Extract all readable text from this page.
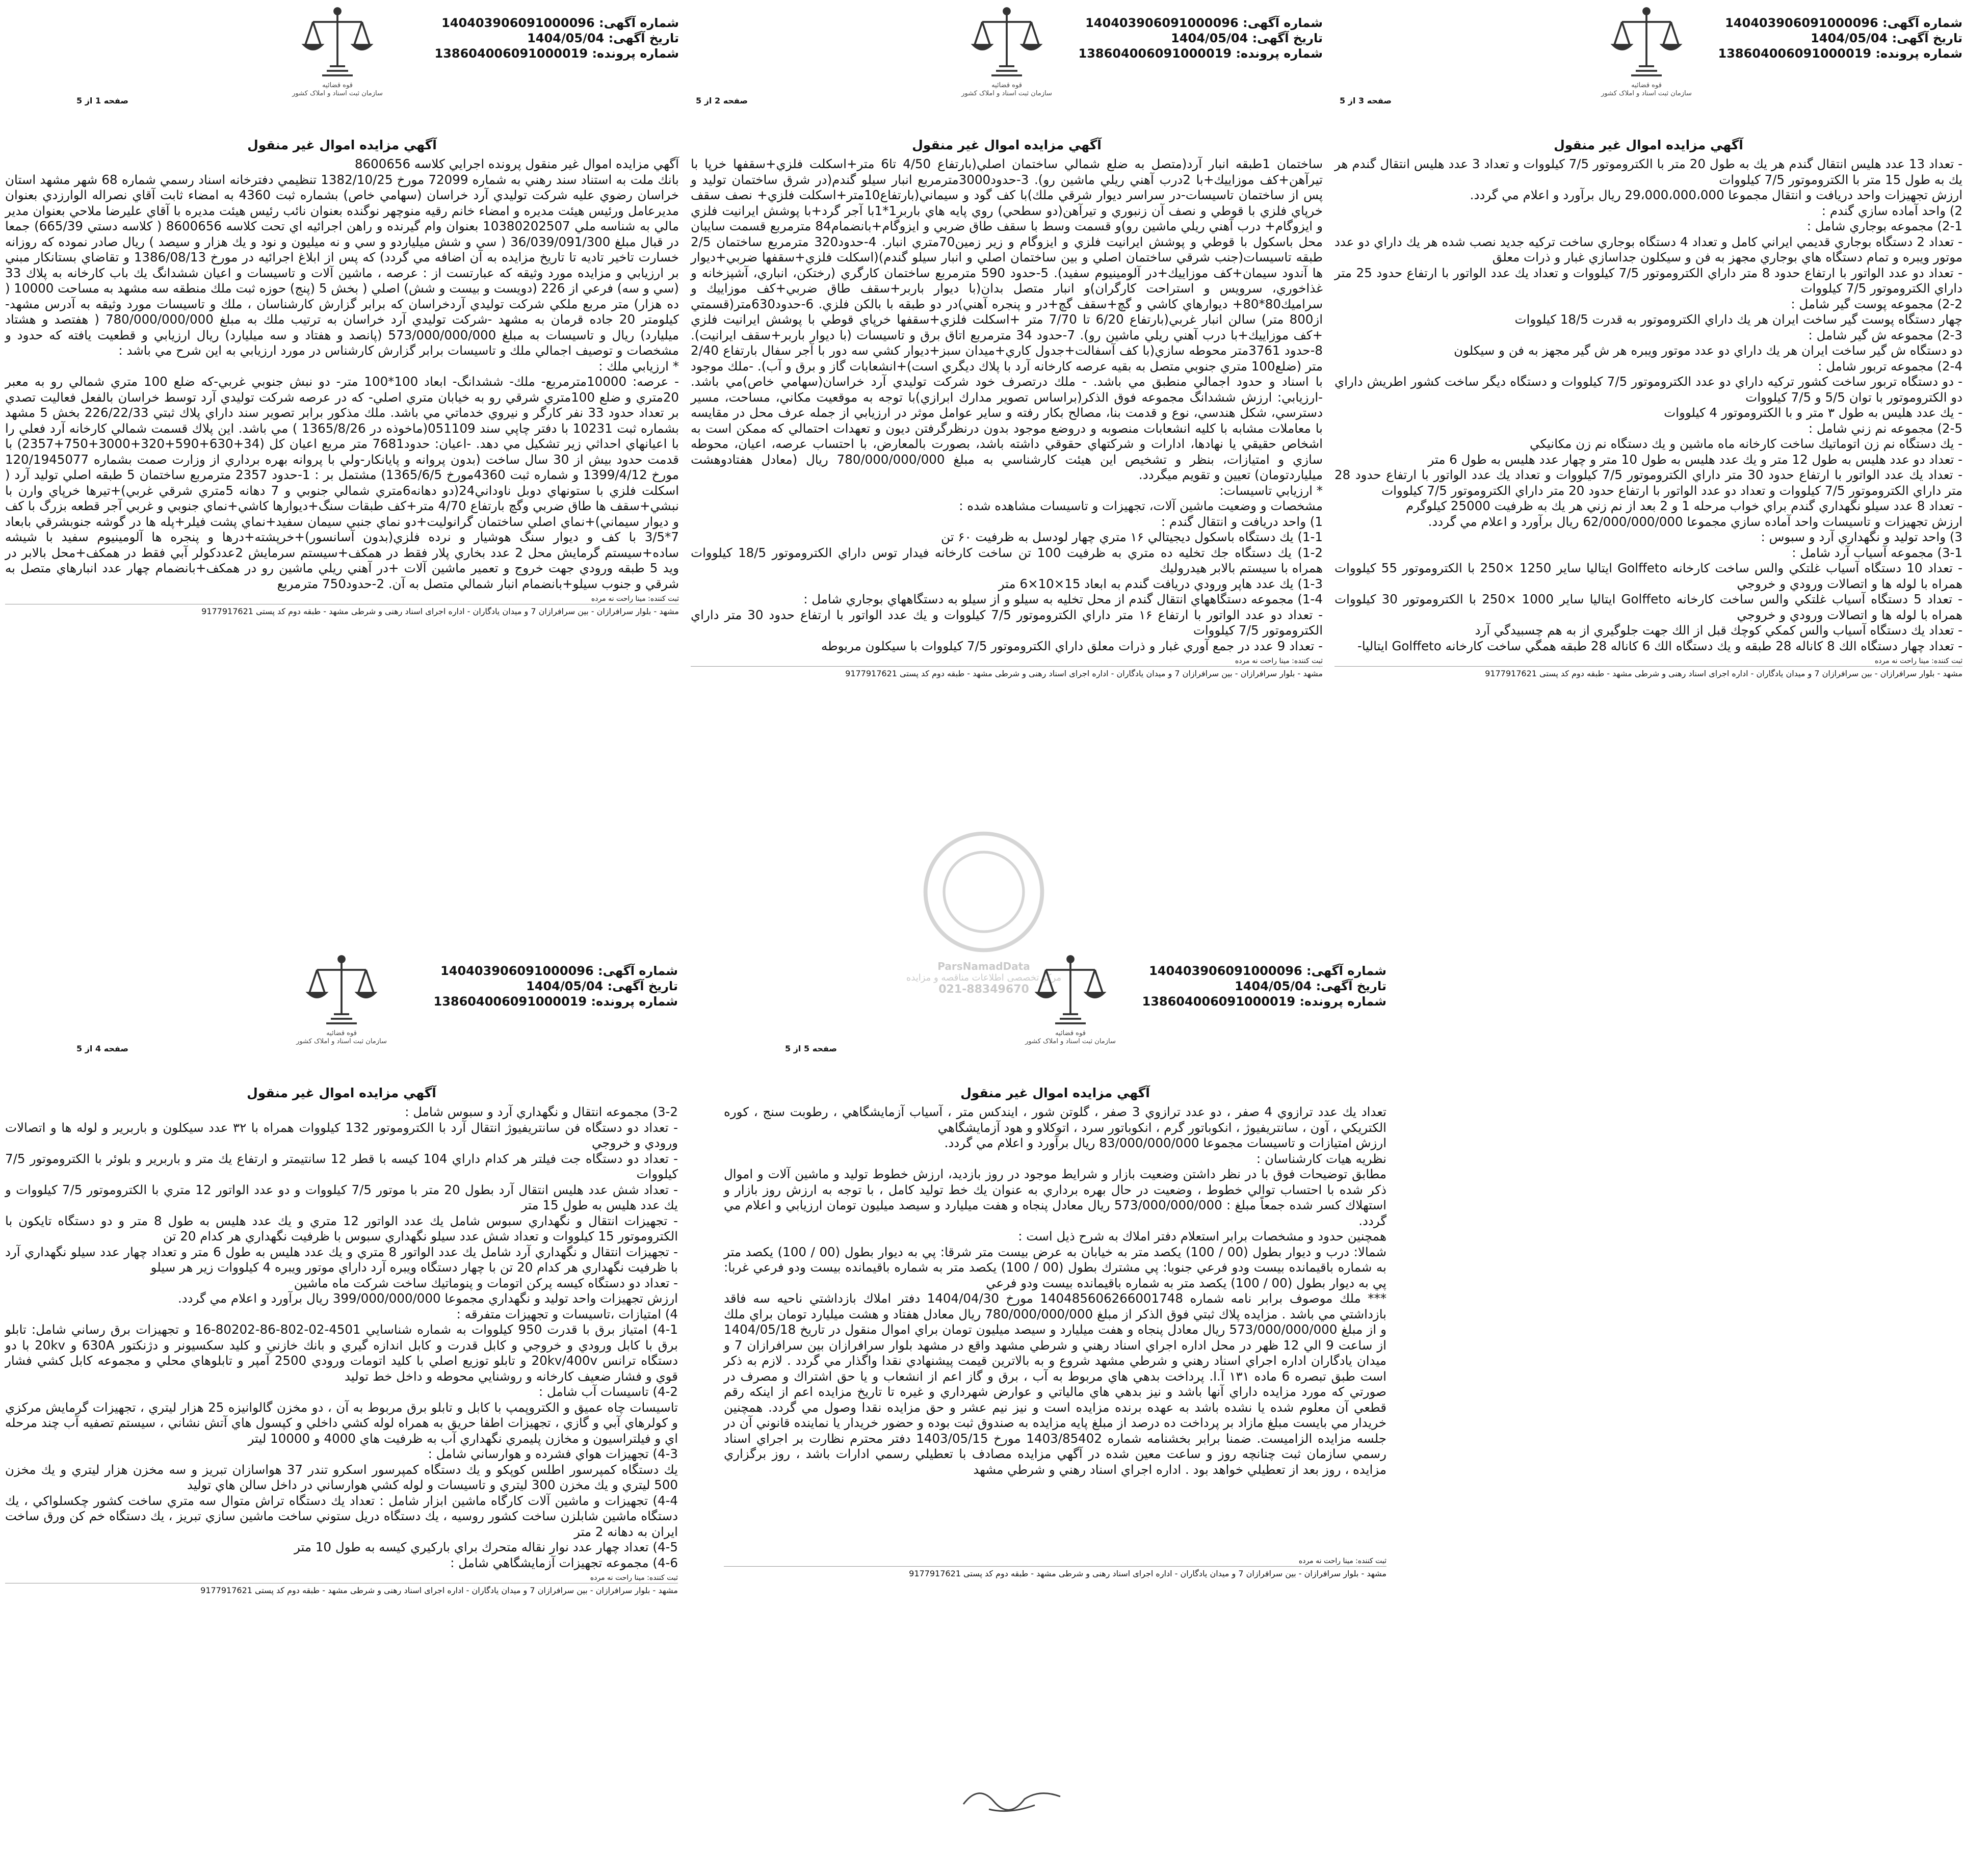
شماره آگهی: 140403906091000096
تاریخ آگهی: 1404/05/04
شماره پرونده: 138604006091000019
قوه قضائیه
سازمان ثبت اسناد و املاک کشور
صفحه 3 از 5
آگهي مزايده اموال غير منقول

- تعداد 13 عدد هليس انتقال گندم هر يك به طول 20 متر با الكتروموتور 7/5 كيلووات و تعداد 3 عدد هليس انتقال گندم هر يك به طول 15 متر با الكتروموتور 7/5 كيلووات

ارزش تجهيزات واحد دريافت و انتقال مجموعا 29،000،000،000 ريال برآورد و اعلام مي گردد.

2) واحد آماده سازي گندم :

2-1) مجموعه بوجاري شامل :

- تعداد 2 دستگاه بوجاري قديمي ايراني كامل و تعداد 4 دستگاه بوجاري ساخت تركيه جديد نصب شده هر يك داراي دو عدد موتور ويبره و تمام دستگاه هاي بوجاري مجهز به فن و سيكلون جداسازي غبار و ذرات معلق

- تعداد دو عدد الواتور با ارتفاع حدود 8 متر داراي الكتروموتور 7/5 كيلووات و تعداد يك عدد الواتور با ارتفاع حدود 25 متر داراي الكتروموتور 7/5 كيلووات

2-2) مجموعه پوست گير شامل :

چهار دستگاه پوست گير ساخت ايران هر يك داراي الكتروموتور به قدرت 18/5 كيلووات

2-3) مجموعه ش گير شامل :

دو دستگاه ش گير ساخت ايران هر يك داراي دو عدد موتور ويبره هر ش گير مجهز به فن و سيكلون

2-4) مجموعه تربور شامل :

- دو دستگاه تربور ساخت كشور تركيه داراي دو عدد الكتروموتور 7/5 كيلووات و دستگاه ديگر ساخت كشور اطريش داراي دو الكتروموتور با توان 5/5 و 7/5 كيلووات

- يك عدد هليس به طول ۳ متر و با الكتروموتور 4 كيلووات

2-5) مجموعه نم زني شامل :

- يك دستگاه نم زن اتوماتيك ساخت كارخانه ماه ماشين و يك دستگاه نم زن مكانيكي

- تعداد دو عدد هليس به طول 12 متر و يك عدد هليس به طول 10 متر و چهار عدد هليس به طول 6 متر

- تعداد يك عدد الواتور با ارتفاع حدود 30 متر داراي الكتروموتور 7/5 كيلووات و تعداد يك عدد الواتور با ارتفاع حدود 28 متر داراي الكتروموتور 7/5 كيلووات و تعداد دو عدد الواتور با ارتفاع حدود 20 متر داراي الكتروموتور 7/5 كيلووات

- تعداد 8 عدد سيلو نگهداري گندم براي خواب مرحله 1 و 2 بعد از نم زني هر يك به ظرفيت 25000 كيلوگرم

ارزش تجهيزات و تاسيسات واحد آماده سازي مجموعا 62/000/000/000 ريال برآورد و اعلام مي گردد.

3) واحد توليد و نگهداري آرد و سبوس :

3-1) مجموعه آسياب آرد شامل :

- تعداد 10 دستگاه آسياب غلتكي والس ساخت كارخانه Golffeto ايتاليا ساير 1250 ×250 با الكتروموتور 55 كيلووات همراه با لوله ها و اتصالات ورودي و خروجي

- تعداد 5 دستگاه آسياب غلتكي والس ساخت كارخانه Golffeto ايتاليا ساير 1000 ×250 با الكتروموتور 30 كيلووات همراه با لوله ها و اتصالات ورودي و خروجي

- تعداد يك دستگاه آسياب والس كمكي كوچك قبل از الك جهت جلوگيري از به هم چسبيدگي آرد

- تعداد چهار دستگاه الك 8 كاناله 28 طبقه و يك دستگاه الك 6 كاناله 28 طبقه همگي ساخت كارخانه Golffeto ايتاليا-

ثبت کننده: مینا راحت نه مرده
مشهد - بلوار سرافرازان - بین سرافرازان 7 و میدان یادگاران - اداره اجرای اسناد رهنی و شرطی مشهد - طبقه دوم کد پستی 9177917621
شماره آگهی: 140403906091000096
تاریخ آگهی: 1404/05/04
شماره پرونده: 138604006091000019
قوه قضائیه
سازمان ثبت اسناد و املاک کشور
صفحه 2 از 5
آگهي مزايده اموال غير منقول

ساختمان 1طبقه انبار آرد(متصل به ضلع شمالي ساختمان اصلي(بارتفاع 4/50 تا6 متر+اسكلت فلزي+سقفها خرپا با تيرآهن+كف موزاييك+با 2درب آهني ريلي ماشين رو). 3-حدود3000مترمربع انبار سيلو گندم(در شرق ساختمان توليد و پس از ساختمان تاسيسات-در سراسر ديوار شرقي ملك)با كف گود و سيماني(بارتفاع10متر+اسكلت فلزي+ نصف سقف خرپاي فلزي با قوطي و نصف آن زنبوري و تيرآهن(دو سطحي) روي پايه هاي باربر1*1با آجر گرد+با پوشش ايرانيت فلزي و ايزوگام+ درب آهني ريلي ماشين رو)و قسمت وسط با سقف طاق ضربي و ايزوگام+بانضمام84 مترمربع قسمت سايبان محل باسكول با قوطي و پوشش ايرانيت فلزي و ايزوگام و زير زمين70متري انبار. 4-حدود320 مترمربع ساختمان 2/5 طبقه تاسيسات(جنب شرقي ساختمان اصلي و بين ساختمان اصلي و انبار سيلو گندم)(اسكلت فلزي+سقفها ضربي+ديوار ها آندود سيمان+كف موزاييك+در آلومينيوم سفيد). 5-حدود 590 مترمربع ساختمان كارگري (رختكن، انباري، آشپزخانه و غذاخوري، سرويس و استراحت كارگران)و انبار متصل بدان(با ديوار باربر+سقف طاق ضربي+كف موزاييك و سراميك80*80+ ديوارهاي كاشي و گچ+سقف گچ+در و پنجره آهني)در دو طبقه با بالكن فلزي. 6-حدود630متر(قسمتي از800 متر) سالن انبار غربي(بارتفاع 6/20 تا 7/70 متر +اسكلت فلزي+سقفها خرپاي قوطي با پوشش ايرانيت فلزي +كف موزاييك+با درب آهني ريلي ماشين رو). 7-حدود 34 مترمربع اتاق برق و تاسيسات (با ديوار باربر+سقف ايرانيت). 8-حدود 3761متر محوطه سازي(با كف آسفالت+جدول كاري+ميدان سبز+ديوار كشي سه دور با آجر سفال بارتفاع 2/40 متر (ضلع100 متري جنوبي متصل به بقيه عرصه كارخانه آرد با پلاك ديگري است)+انشعابات گاز و برق و آب). -ملك موجود با اسناد و حدود اجمالي منطبق مي باشد. - ملك درتصرف خود شركت توليدي آرد خراسان(سهامي خاص)مي باشد. -ارزيابي: ارزش ششدانگ مجموعه فوق الذكر(براساس تصوير مدارك ابرازي)با توجه به موقعيت مكاني، مساحت، مسير دسترسي، شكل هندسي، نوع و قدمت بنا، مصالح بكار رفته و ساير عوامل موثر در ارزيابي از جمله عرف محل در مقايسه با معاملات مشابه با كليه انشعابات منصوبه و دروضع موجود بدون درنظرگرفتن ديون و تعهدات احتمالي كه ممكن است به اشخاص حقيقي يا نهادها، ادارات و شركتهاي حقوقي داشته باشد، بصورت بالمعارض، با احتساب عرصه، اعيان، محوطه سازي و امتيازات، بنظر و تشخيص اين هيئت كارشناسي به مبلغ 780/000/000/000 ريال (معادل هفتادوهشت ميلياردتومان) تعيين و تقويم ميگردد.

* ارزيابي تاسيسات:

مشخصات و وضعيت ماشين آلات، تجهيزات و تاسيسات مشاهده شده :

1) واحد دريافت و انتقال گندم :

1-1) يك دستگاه باسكول ديجيتالي ۱۶ متري چهار لودسل به ظرفيت ۶۰ تن

1-2) يك دستگاه جك تخليه ده متري به ظرفيت 100 تن ساخت كارخانه فيدار توس داراي الكتروموتور 18/5 كيلووات همراه با سيستم بالابر هيدروليك

1-3) يك عدد هاپر ورودي دريافت گندم به ابعاد 15×10×6 متر

1-4) مجموعه دستگاههاي انتقال گندم از محل تخليه به سيلو و از سيلو به دستگاههاي بوجاري شامل :

- تعداد دو عدد الواتور با ارتفاع ۱۶ متر داراي الكتروموتور 7/5 كيلووات و يك عدد الواتور با ارتفاع حدود 30 متر داراي الكتروموتور 7/5 كيلووات

- تعداد 9 عدد در جمع آوري غبار و ذرات معلق داراي الكتروموتور 7/5 كيلووات با سيكلون مربوطه

ثبت کننده: مینا راحت نه مرده
مشهد - بلوار سرافرازان - بین سرافرازان 7 و میدان یادگاران - اداره اجرای اسناد رهنی و شرطی مشهد - طبقه دوم کد پستی 9177917621
شماره آگهی: 140403906091000096
تاریخ آگهی: 1404/05/04
شماره پرونده: 138604006091000019
قوه قضائیه
سازمان ثبت اسناد و املاک کشور
صفحه 1 از 5
آگهي مزايده اموال غير منقول

آگهي مزايده اموال غير منقول پرونده اجرايي كلاسه 8600656

بانك ملت به استناد سند رهني به شماره 72099 مورخ 1382/10/25 تنظيمي دفترخانه اسناد رسمي شماره 68 شهر مشهد استان خراسان رضوي عليه شركت توليدي آرد خراسان (سهامي خاص) بشماره ثبت 4360 به امضاء ثابت آقاي نصراله الوارزدي بعنوان مديرعامل ورئيس هيئت مديره و امضاء خانم رقيه منوچهر نوگنده بعنوان نائب رئيس هيئت مديره با آقاي عليرضا ملاحي بعنوان مدير مالي به شناسه ملي 10380202507 بعنوان وام گيرنده و راهن اجرائيه اي تحت كلاسه 8600656 ( كلاسه دستي 665/39) جمعا در قبال مبلغ 36/039/091/300 ( سي و شش ميلياردو و سي و نه ميليون و نود و يك هزار و سيصد ) ريال صادر نموده كه روزانه خسارت تاخير تاديه تا تاريخ مزايده به آن اضافه مي گردد) كه پس از ابلاغ اجرائيه در مورخ 1386/08/13 و تقاضاي بستانكار مبني بر ارزيابي و مزايده مورد وثيقه كه عبارتست از : عرصه ، ماشين آلات و تاسيسات و اعيان ششدانگ يك باب كارخانه به پلاك 33 (سي و سه) فرعي از 226 (دويست و بيست و شش) اصلي ( بخش 5 (پنج) حوزه ثبت ملك منطقه سه مشهد به مساحت 10000 ( ده هزار) متر مربع ملكي شركت توليدي آردخراسان كه برابر گزارش كارشناسان ، ملك و تاسيسات مورد وثيقه به آدرس مشهد-كيلومتر 20 جاده قرمان به مشهد -شركت توليدي آرد خراسان به ترتيب ملك به مبلغ 780/000/000/000 ( هفتصد و هشتاد ميليارد) ريال و تاسيسات به مبلغ 573/000/000/000 (پانصد و هفتاد و سه ميليارد) ريال ارزيابي و قطعيت يافته كه حدود و مشخصات و توصيف اجمالي ملك و تاسيسات برابر گزارش كارشناس در مورد ارزيابي به اين شرح مي باشد :

* ارزيابي ملك :

- عرصه: 10000مترمربع- ملك- ششدانگ- ابعاد 100*100 متر- دو نبش جنوبي غربي-كه ضلع 100 متري شمالي رو به معبر 20متري و ضلع 100متري شرقي رو به خيابان متري اصلي- كه در عرصه شركت توليدي آرد توسط خراسان بالفعل فعاليت تصدي بر تعداد حدود 33 نفر كارگر و نيروي خدماتي مي باشد. ملك مذكور برابر تصوير سند داراي پلاك ثبتي 226/22/33 بخش 5 مشهد بشماره ثبت 10231 با دفتر چاپي سند 051109(ماخوذه در 1365/8/26 ) مي باشد. اين پلاك قسمت شمالي كارخانه آرد فعلي را با اعيانهاي احداثي زير تشكيل مي دهد. -اعيان: حدود7681 متر مربع اعيان كل (34+630+590+320+3000+750+2357) با قدمت حدود بيش از 30 سال ساخت (بدون پروانه و پايانكار-ولي با پروانه بهره برداري از وزارت صمت بشماره 120/1945077 مورخ 1399/4/12 و شماره ثبت 4360مورخ 1365/6/5) مشتمل بر : 1-حدود 2357 مترمربع ساختمان 5 طبقه اصلي توليد آرد ( اسكلت فلزي با ستونهاي دوبل ناوداني24(دو دهانه6متري شمالي جنوبي و 7 دهانه 5متري شرقي غربي)+تيرها خرپاي وارن با نبشي+سقف ها طاق ضربي وگچ بارتفاع 4/70 متر+كف طبقات سنگ+ديوارها كاشي+نماي جنوبي و غربي آجر قطعه بزرگ با كف و ديوار سيماني)+نماي اصلي ساختمان گرانوليت+دو نماي جنبي سيمان سفيد+نماي پشت فيلر+پله ها در گوشه جنوبشرقي بابعاد 7*3/5 با كف و ديوار سنگ هوشيار و نرده فلزي(بدون آسانسور)+خرپشته+درها و پنجره ها آلومينيوم سفيد با شيشه ساده+سيستم گرمايش محل 2 عدد بخاري پلار فقط در همكف+سيستم سرمايش 2عددكولر آبي فقط در همكف+محل بالابر در ويد 5 طبقه ورودي جهت خروج و تعمير ماشين آلات +در آهني ريلي ماشين رو در همكف+بانضمام چهار عدد انبارهاي متصل به شرقي و جنوب سيلو+بانضمام انبار شمالي متصل به آن. 2-حدود750 مترمربع

ثبت کننده: مینا راحت نه مرده
مشهد - بلوار سرافرازان - بین سرافرازان 7 و میدان یادگاران - اداره اجرای اسناد رهنی و شرطی مشهد - طبقه دوم کد پستی 9177917621
شماره آگهی: 140403906091000096
تاریخ آگهی: 1404/05/04
شماره پرونده: 138604006091000019
قوه قضائیه
سازمان ثبت اسناد و املاک کشور
صفحه 5 از 5
آگهي مزايده اموال غير منقول

تعداد يك عدد ترازوي 4 صفر ، دو عدد ترازوي 3 صفر ، گلوتن شور ، ايندكس متر ، آسياب آزمايشگاهي ، رطوبت سنج ، كوره الكتريكي ، آون ، سانتريفيوژ ، انكوباتور گرم ، انكوباتور سرد ، اتوكلاو و هود آزمايشگاهي

ارزش امتيازات و تاسيسات مجموعا 83/000/000/000 ريال برآورد و اعلام مي گردد.

نظريه هيات كارشناسان :

مطابق توضيحات فوق با در نظر داشتن وضعيت بازار و شرايط موجود در روز بازديد، ارزش خطوط توليد و ماشين آلات و اموال ذكر شده با احتساب توالي خطوط ، وضعيت در حال بهره برداري به عنوان يك خط توليد كامل ، با توجه به ارزش روز بازار و استهلاك كسر شده جمعاً مبلغ : 573/000/000/000 ريال معادل پنجاه و هفت ميليارد و سيصد ميليون تومان ارزيابي و اعلام مي گردد.

همچنين حدود و مشخصات برابر استعلام دفتر املاك به شرح ذيل است :

شمالا: درب و ديوار بطول (00 / 100) يكصد متر به خيابان به عرض بيست متر شرقا: پي به ديوار بطول (00 / 100) يكصد متر به شماره باقيمانده بيست ودو فرعي جنوبا: پي مشترك بطول (00 / 100) يكصد متر به شماره باقيمانده بيست ودو فرعي غربا: پي به ديوار بطول (00 / 100) يكصد متر به شماره باقيمانده بيست ودو فرعي

*** ملك موصوف برابر نامه شماره 140485606266001748 مورخ 1404/04/30 دفتر املاك بازداشتي ناحيه سه فاقد بازداشتي مي باشد . مزايده پلاك ثبتي فوق الذكر از مبلغ 780/000/000/000 ريال معادل هفتاد و هشت ميليارد تومان براي ملك و از مبلغ 573/000/000/000 ريال معادل پنجاه و هفت ميليارد و سيصد ميليون تومان براي اموال منقول در تاريخ 1404/05/18 از ساعت 9 الي 12 ظهر در محل اداره اجراي اسناد رهني و شرطي مشهد واقع در مشهد بلوار سرافرازان بين سرافرازان 7 و ميدان يادگاران اداره اجراي اسناد رهني و شرطي مشهد شروع و به بالاترين قيمت پيشنهادي نقدا واگذار مي گردد . لازم به ذكر است طبق تبصره 6 ماده ۱۳۱ آ.ا. پرداخت بدهي هاي مربوط به آب ، برق و گاز اعم از انشعاب و يا حق اشتراك و مصرف در صورتي كه مورد مزايده داراي آنها باشد و نيز بدهي هاي مالياتي و عوارض شهرداري و غيره تا تاريخ مزايده اعم از اينكه رقم قطعي آن معلوم شده يا نشده باشد به عهده برنده مزايده است و نيز نيم عشر و حق مزايده نقدا وصول مي گردد. همچنين خريدار مي بايست مبلغ مازاد بر پرداخت ده درصد از مبلغ پايه مزايده به صندوق ثبت بوده و حضور خريدار يا نماينده قانوني آن در جلسه مزايده الزاميست. ضمنا برابر بخشنامه شماره 1403/85402 مورخ 1403/05/15 دفتر محترم نظارت بر اجراي اسناد رسمي سازمان ثبت چنانچه روز و ساعت معين شده در آگهي مزايده مصادف با تعطيلي رسمي ادارات باشد ، روز برگزاري مزايده ، روز بعد از تعطيلي خواهد بود . اداره اجراي اسناد رهني و شرطي مشهد

ثبت کننده: مینا راحت نه مرده
مشهد - بلوار سرافرازان - بین سرافرازان 7 و میدان یادگاران - اداره اجرای اسناد رهنی و شرطی مشهد - طبقه دوم کد پستی 9177917621
شماره آگهی: 140403906091000096
تاریخ آگهی: 1404/05/04
شماره پرونده: 138604006091000019
قوه قضائیه
سازمان ثبت اسناد و املاک کشور
صفحه 4 از 5
آگهي مزايده اموال غير منقول

3-2) مجموعه انتقال و نگهداري آرد و سبوس شامل :

- تعداد دو دستگاه فن سانتريفيوژ انتقال آرد با الكتروموتور 132 كيلووات همراه با ۳۲ عدد سيكلون و باربرير و لوله ها و اتصالات ورودي و خروجي

- تعداد دو دستگاه جت فيلتر هر كدام داراي 104 كيسه با قطر 12 سانتيمتر و ارتفاع يك متر و باربرير و بلوئر با الكتروموتور 7/5 كيلووات

- تعداد شش عدد هليس انتقال آرد بطول 20 متر با موتور 7/5 كيلووات و دو عدد الواتور 12 متري با الكتروموتور 7/5 كيلووات و يك عدد هليس به طول 15 متر

- تجهيزات انتقال و نگهداري سبوس شامل يك عدد الواتور 12 متري و يك عدد هليس به طول 8 متر و دو دستگاه تايكون با الكتروموتور 15 كيلووات و تعداد شش عدد سيلو نگهداري سبوس با ظرفيت نگهداري هر كدام 20 تن

- تجهيزات انتقال و نگهداري آرد شامل يك عدد الواتور 8 متري و يك عدد هليس به طول 6 متر و تعداد چهار عدد سيلو نگهداري آرد با ظرفيت نگهداري هر كدام 20 تن با چهار دستگاه ويبره آرد داراي موتور ويبره 4 كيلووات زير هر سيلو

- تعداد دو دستگاه كيسه پركن اتومات و پنوماتيك ساخت شركت ماه ماشين

ارزش تجهيزات واحد توليد و نگهداري مجموعا 399/000/000/000 ريال برآورد و اعلام مي گردد.

4) امتيازات ،تاسيسات و تجهيزات متفرقه :

4-1) امتياز برق با قدرت 950 كيلووات به شماره شناسايي 4501-02-802-86-80202-16 و تجهيزات برق رساني شامل: تابلو برق با كابل ورودي و خروجي و كابل قدرت و كابل اندازه گيري و بانك خازني و كليد سكسيونر و دژنكتور 630A و 20kv با دو دستگاه ترانس 20kv/400v و تابلو توزيع اصلي با كليد اتومات ورودي 2500 آمپر و تابلوهاي محلي و مجموعه كابل كشي فشار قوي و فشار ضعيف كارخانه و روشنايي محوطه و داخل خط توليد

4-2) تاسيسات آب شامل :

تاسيسات چاه عميق و الكتروپمپ با كابل و تابلو برق مربوط به آن ، دو مخزن گالوانيزه 25 هزار ليتري ، تجهيزات گرمايش مركزي و كولرهاي آبي و گازي ، تجهيزات اطفا حريق به همراه لوله كشي داخلي و كپسول هاي آتش نشاني ، سيستم تصفيه آب چند مرحله اي و فيلتراسيون و مخازن پليمري نگهداري آب به ظرفيت هاي 4000 و 10000 ليتر

4-3) تجهيزات هواي فشرده و هوارساني شامل :

يك دستگاه كمپرسور اطلس كوپكو و يك دستگاه كمپرسور اسكرو تندر 37 هواسازان تبريز و سه مخزن هزار ليتري و يك مخزن 500 ليتري و يك مخزن 300 ليتري و تاسيسات و لوله كشي هوارساني در داخل سالن هاي توليد

4-4) تجهيزات و ماشين آلات كارگاه ماشين ابزار شامل : تعداد يك دستگاه تراش متوال سه متري ساخت كشور چكسلواكي ، يك دستگاه ماشين شابلزن ساخت كشور روسيه ، يك دستگاه دريل ستوني ساخت ماشين سازي تبريز ، يك دستگاه خم كن ورق ساخت ايران به دهانه 2 متر

4-5) تعداد چهار عدد نوار نقاله متحرك براي باركيري كيسه به طول 10 متر

4-6) مجموعه تجهيزات آزمايشگاهي شامل :

ثبت کننده: مینا راحت نه مرده
مشهد - بلوار سرافرازان - بین سرافرازان 7 و میدان یادگاران - اداره اجرای اسناد رهنی و شرطی مشهد - طبقه دوم کد پستی 9177917621
ParsNamadData
مرکز تخصصی اطلاعات مناقصه و مزایده
021-88349670
